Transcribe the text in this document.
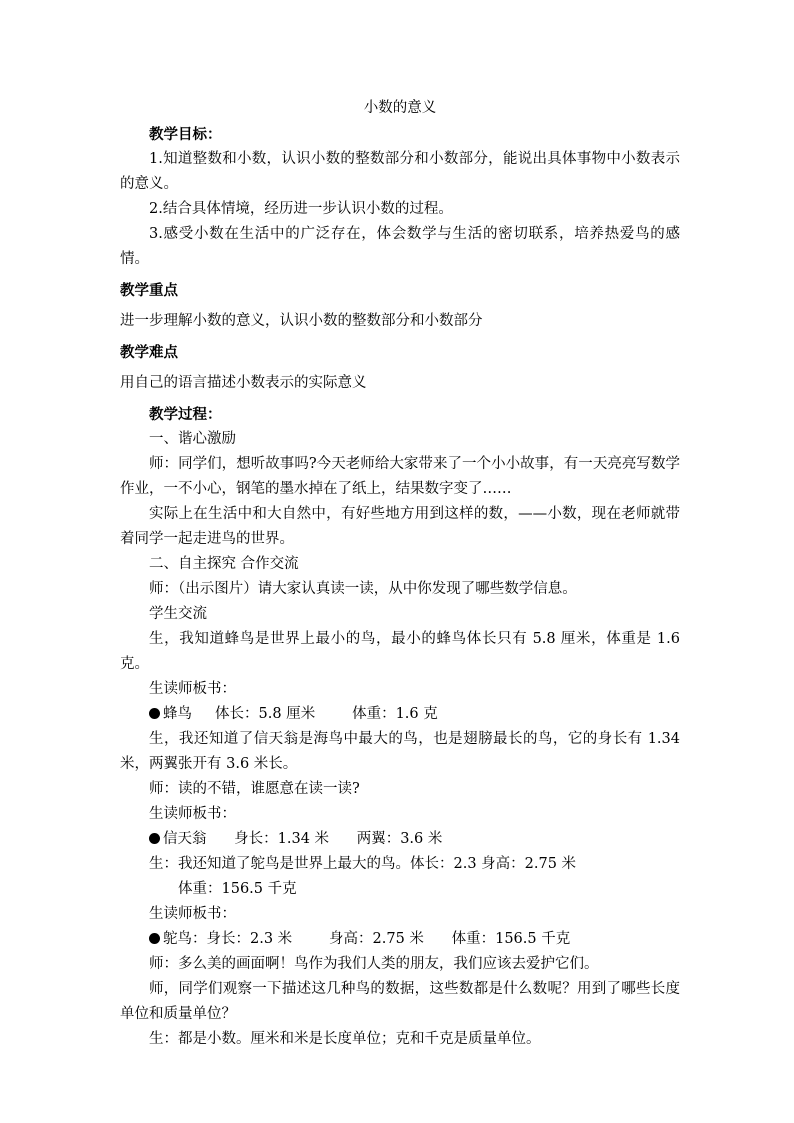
小数的意义

教学目标：

1.知道整数和小数，认识小数的整数部分和小数部分，能说出具体事物中小数表示的意义。

2.结合具体情境，经历进一步认识小数的过程。

3.感受小数在生活中的广泛存在，体会数学与生活的密切联系，培养热爱鸟的感情。

教学重点

进一步理解小数的意义，认识小数的整数部分和小数部分

教学难点

用自己的语言描述小数表示的实际意义

教学过程：

一、谐心激励

师：同学们，想听故事吗?今天老师给大家带来了一个小小故事，有一天亮亮写数学作业，一不小心，钢笔的墨水掉在了纸上，结果数字变了……

实际上在生活中和大自然中，有好些地方用到这样的数，——小数，现在老师就带着同学一起走进鸟的世界。

二、自主探究 合作交流

师：（出示图片）请大家认真读一读，从中你发现了哪些数学信息。

学生交流

生，我知道蜂鸟是世界上最小的鸟，最小的蜂鸟体长只有 5.8 厘米，体重是 1.6 克。

生读师板书：

蜂鸟     体长：5.8 厘米        体重：1.6 克

生，我还知道了信天翁是海鸟中最大的鸟，也是翅膀最长的鸟，它的身长有 1.34 米，两翼张开有 3.6 米长。

师：读的不错，谁愿意在读一读?

生读师板书：

信天翁      身长：1.34 米      两翼：3.6 米

生：我还知道了鸵鸟是世界上最大的鸟。体长：2.3 身高：2.75 米

体重：156.5 千克

生读师板书：

鸵鸟：身长：2.3 米        身高：2.75 米      体重：156.5 千克

师：多么美的画面啊！鸟作为我们人类的朋友，我们应该去爱护它们。

师，同学们观察一下描述这几种鸟的数据，这些数都是什么数呢？用到了哪些长度单位和质量单位？

生：都是小数。厘米和米是长度单位；克和千克是质量单位。
